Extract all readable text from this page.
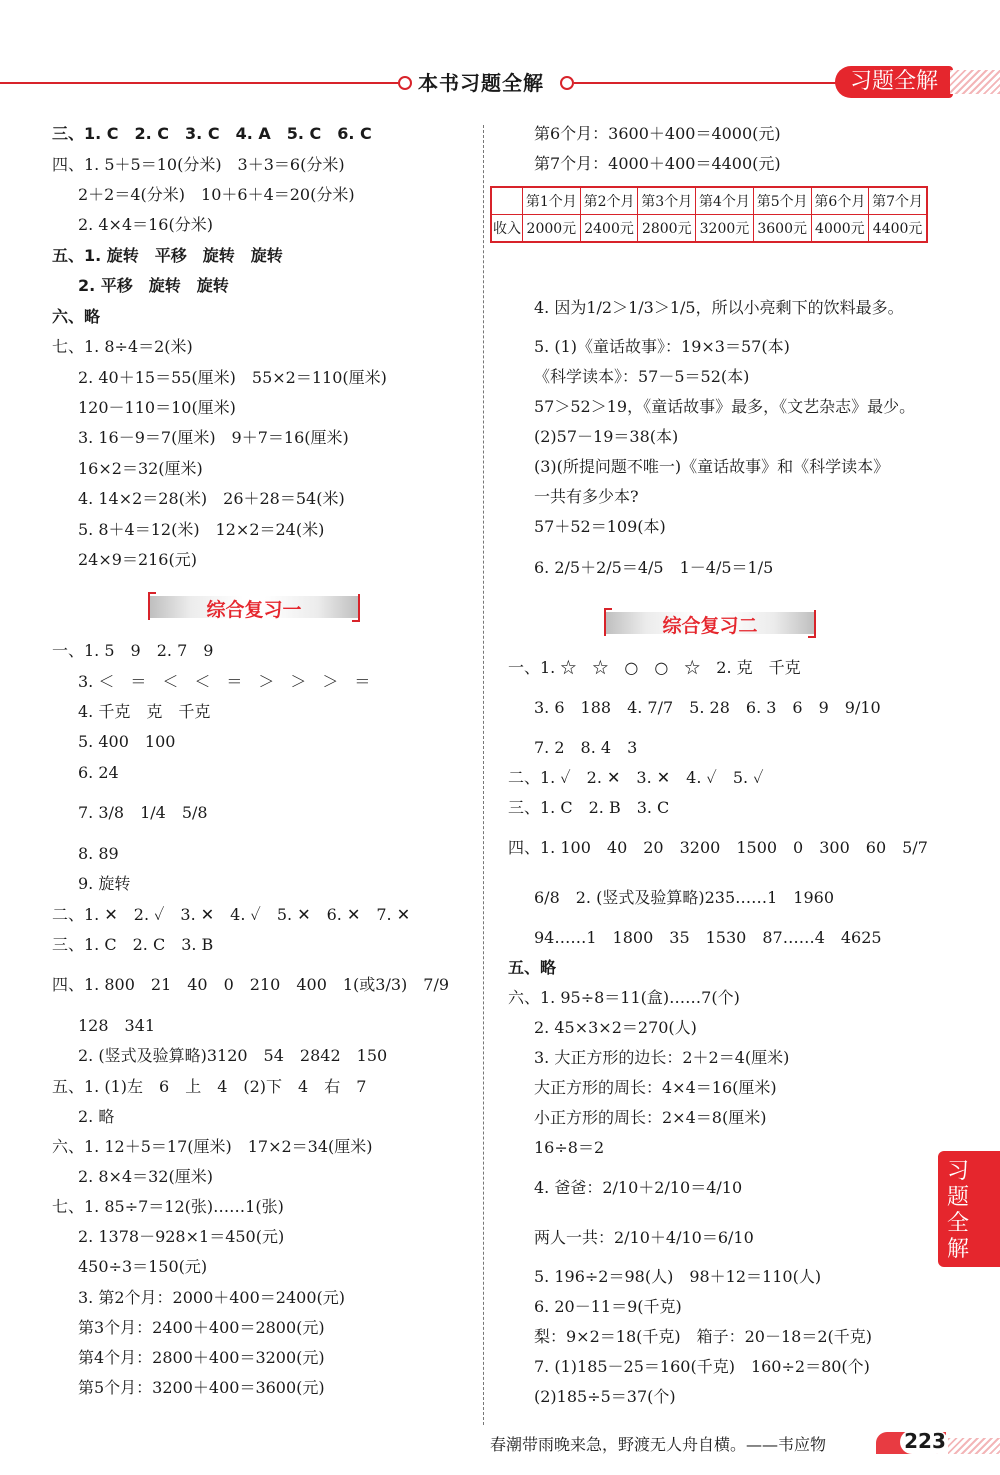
本书习题全解	习题全解
三、1. C　2. C　3. C　4. A　5. C　6. C
四、1. 5＋5＝10(分米)　3＋3＝6(分米)
2＋2＝4(分米)　10＋6＋4＝20(分米)
2. 4×4＝16(分米)
五、1. 旋转　平移　旋转　旋转
2. 平移　旋转　旋转
六、略
七、1. 8÷4＝2(米)
2. 40＋15＝55(厘米)　55×2＝110(厘米)
120－110＝10(厘米)
3. 16－9＝7(厘米)　9＋7＝16(厘米)
16×2＝32(厘米)
4. 14×2＝28(米)　26＋28＝54(米)
5. 8＋4＝12(米)　12×2＝24(米)
24×9＝216(元)
综合复习一
一、1. 5　9　2. 7　9
3. ＜　＝　＜　＜　＝　＞　＞　＞　＝
4. 千克　克　千克
5. 400　100
6. 24
7. 3/8　1/4　5/8
8. 89
9. 旋转
二、1. ✕　2. ✓　3. ✕　4. ✓　5. ✕　6. ✕　7. ✕
三、1. C　2. C　3. B
四、1. 800　21　40　0　210　400　1(或3/3)　7/9
128　341
2. (竖式及验算略)3120　54　2842　150
五、1. (1)左　6　上　4　(2)下　4　右　7
2. 略
六、1. 12＋5＝17(厘米)　17×2＝34(厘米)
2. 8×4＝32(厘米)
七、1. 85÷7＝12(张)……1(张)
2. 1378－928×1＝450(元)
450÷3＝150(元)
3. 第2个月：2000＋400＝2400(元)
第3个月：2400＋400＝2800(元)
第4个月：2800＋400＝3200(元)
第5个月：3200＋400＝3600(元)
第6个月：3600＋400＝4000(元)
第7个月：4000＋400＝4400(元)
	第1个月	第2个月	第3个月	第4个月	第5个月	第6个月	第7个月
收入	2000元	2400元	2800元	3200元	3600元	4000元	4400元
4. 因为1/2＞1/3＞1/5，所以小亮剩下的饮料最多。
5. (1)《童话故事》：19×3＝57(本)
《科学读本》：57－5＝52(本)
57＞52＞19，《童话故事》最多，《文艺杂志》最少。
(2)57－19＝38(本)
(3)(所提问题不唯一)《童话故事》和《科学读本》
一共有多少本?
57＋52＝109(本)
6. 2/5＋2/5＝4/5　1－4/5＝1/5
综合复习二
一、1. ☆　☆　○　○　☆　2. 克　千克
3. 6　188　4. 7/7　5. 28　6. 3　6　9　9/10
7. 2　8. 4　3
二、1. ✓　2. ✕　3. ✕　4. ✓　5. ✓
三、1. C　2. B　3. C
四、1. 100　40　20　3200　1500　0　300　60　5/7
6/8　2. (竖式及验算略)235……1　1960
94……1　1800　35　1530　87……4　4625
五、略
六、1. 95÷8＝11(盒)……7(个)
2. 45×3×2＝270(人)
3. 大正方形的边长：2＋2＝4(厘米)
大正方形的周长：4×4＝16(厘米)
小正方形的周长：2×4＝8(厘米)
16÷8＝2
4. 爸爸：2/10＋2/10＝4/10
两人一共：2/10＋4/10＝6/10
5. 196÷2＝98(人)　98＋12＝110(人)
6. 20－11＝9(千克)
梨：9×2＝18(千克)　箱子：20－18＝2(千克)
7. (1)185－25＝160(千克)　160÷2＝80(个)
(2)185÷5＝37(个)
习
题
全
解
春潮带雨晚来急，野渡无人舟自横。——韦应物	223
